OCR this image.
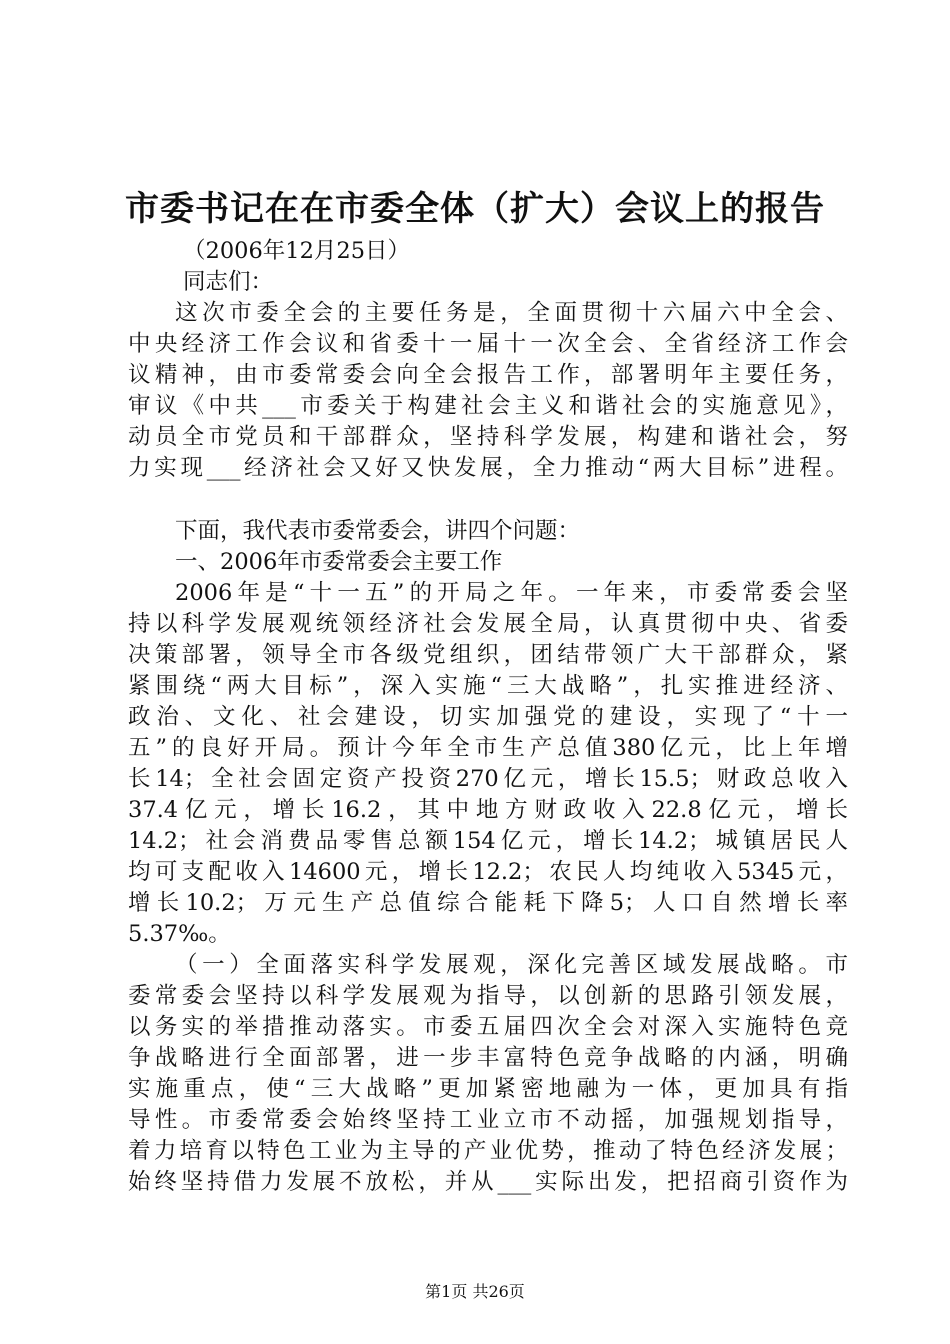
市委书记在在市委全体（扩大）会议上的报告
（2006年12月25日）
同志们：
这次市委全会的主要任务是，全面贯彻十六届六中全会、
中央经济工作会议和省委十一届十一次全会、全省经济工作会
议精神，由市委常委会向全会报告工作，部署明年主要任务，
审议《中共___市委关于构建社会主义和谐社会的实施意见》，
动员全市党员和干部群众，坚持科学发展，构建和谐社会，努
力实现___经济社会又好又快发展，全力推动“两大目标”进程。
下面，我代表市委常委会，讲四个问题：
一、2006年市委常委会主要工作
2006年是“十一五”的开局之年。一年来，市委常委会坚
持以科学发展观统领经济社会发展全局，认真贯彻中央、省委
决策部署，领导全市各级党组织，团结带领广大干部群众，紧
紧围绕“两大目标”，深入实施“三大战略”，扎实推进经济、
政治、文化、社会建设，切实加强党的建设，实现了“十一
五”的良好开局。预计今年全市生产总值380亿元，比上年增
长14；全社会固定资产投资270亿元，增长15.5；财政总收入
37.4亿元，增长16.2，其中地方财政收入22.8亿元，增长
14.2；社会消费品零售总额154亿元，增长14.2；城镇居民人
均可支配收入14600元，增长12.2；农民人均纯收入5345元，
增长10.2；万元生产总值综合能耗下降5；人口自然增长率
5.37‰。
（一）全面落实科学发展观，深化完善区域发展战略。市
委常委会坚持以科学发展观为指导，以创新的思路引领发展，
以务实的举措推动落实。市委五届四次全会对深入实施特色竞
争战略进行全面部署，进一步丰富特色竞争战略的内涵，明确
实施重点，使“三大战略”更加紧密地融为一体，更加具有指
导性。市委常委会始终坚持工业立市不动摇，加强规划指导，
着力培育以特色工业为主导的产业优势，推动了特色经济发展；
始终坚持借力发展不放松，并从___实际出发，把招商引资作为
第1页 共26页
